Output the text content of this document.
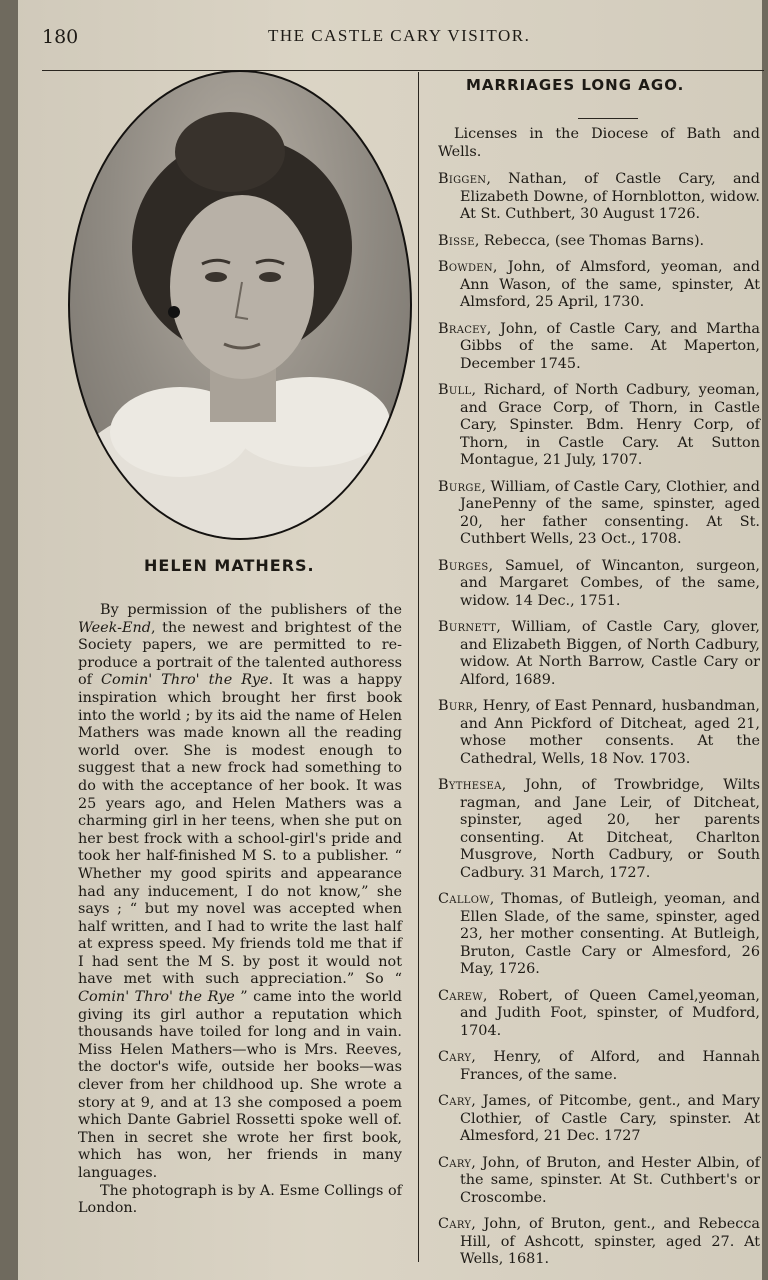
180	THE CASTLE CARY VISITOR.
HELEN MATHERS.

By permission of the publishers of the Week-End, the newest and brightest of the Society papers, we are permitted to re-produce a portrait of the talented authoress of Comin' Thro' the Rye. It was a happy inspiration which brought her first book into the world ; by its aid the name of Helen Mathers was made known all the reading world over. She is modest enough to suggest that a new frock had something to do with the acceptance of her book. It was 25 years ago, and Helen Mathers was a charming girl in her teens, when she put on her best frock with a school-girl's pride and took her half-finished M S. to a publisher. “ Whether my good spirits and appearance had any inducement, I do not know,” she says ; “ but my novel was accepted when half written, and I had to write the last half at express speed. My friends told me that if I had sent the M S. by post it would not have met with such appreciation.” So “ Comin' Thro' the Rye ” came into the world giving its girl author a reputation which thousands have toiled for long and in vain. Miss Helen Mathers—who is Mrs. Reeves, the doctor's wife, outside her books—was clever from her childhood up. She wrote a story at 9, and at 13 she composed a poem which Dante Gabriel Rossetti spoke well of. Then in secret she wrote her first book, which has won, her friends in many languages.

The photograph is by A. Esme Collings of London.

MARRIAGES LONG AGO.

Licenses in the Diocese of Bath and Wells.

Biggen, Nathan, of Castle Cary, and Elizabeth Downe, of Hornblotton, widow. At St. Cuthbert, 30 August 1726.

Bisse, Rebecca, (see Thomas Barns).

Bowden, John, of Almsford, yeoman, and Ann Wason, of the same, spinster, At Almsford, 25 April, 1730.

Bracey, John, of Castle Cary, and Martha Gibbs of the same. At Maperton, December 1745.

Bull, Richard, of North Cadbury, yeoman, and Grace Corp, of Thorn, in Castle Cary, Spinster. Bdm. Henry Corp, of Thorn, in Castle Cary. At Sutton Montague, 21 July, 1707.

Burge, William, of Castle Cary, Clothier, and JanePenny of the same, spinster, aged 20, her father consenting. At St. Cuthbert Wells, 23 Oct., 1708.

Burges, Samuel, of Wincanton, surgeon, and Margaret Combes, of the same, widow. 14 Dec., 1751.

Burnett, William, of Castle Cary, glover, and Elizabeth Biggen, of North Cadbury, widow. At North Barrow, Castle Cary or Alford, 1689.

Burr, Henry, of East Pennard, husbandman, and Ann Pickford of Ditcheat, aged 21, whose mother consents. At the Cathedral, Wells, 18 Nov. 1703.

Bythesea, John, of Trowbridge, Wilts ragman, and Jane Leir, of Ditcheat, spinster, aged 20, her parents consenting. At Ditcheat, Charlton Musgrove, North Cadbury, or South Cadbury. 31 March, 1727.

Callow, Thomas, of Butleigh, yeoman, and Ellen Slade, of the same, spinster, aged 23, her mother consenting. At Butleigh, Bruton, Castle Cary or Almesford, 26 May, 1726.

Carew, Robert, of Queen Camel,yeoman, and Judith Foot, spinster, of Mudford, 1704.

Cary, Henry, of Alford, and Hannah Frances, of the same.

Cary, James, of Pitcombe, gent., and Mary Clothier, of Castle Cary, spinster. At Almesford, 21 Dec. 1727

Cary, John, of Bruton, and Hester Albin, of the same, spinster. At St. Cuthbert's or Croscombe.

Cary, John, of Bruton, gent., and Rebecca Hill, of Ashcott, spinster, aged 27. At Wells, 1681.
